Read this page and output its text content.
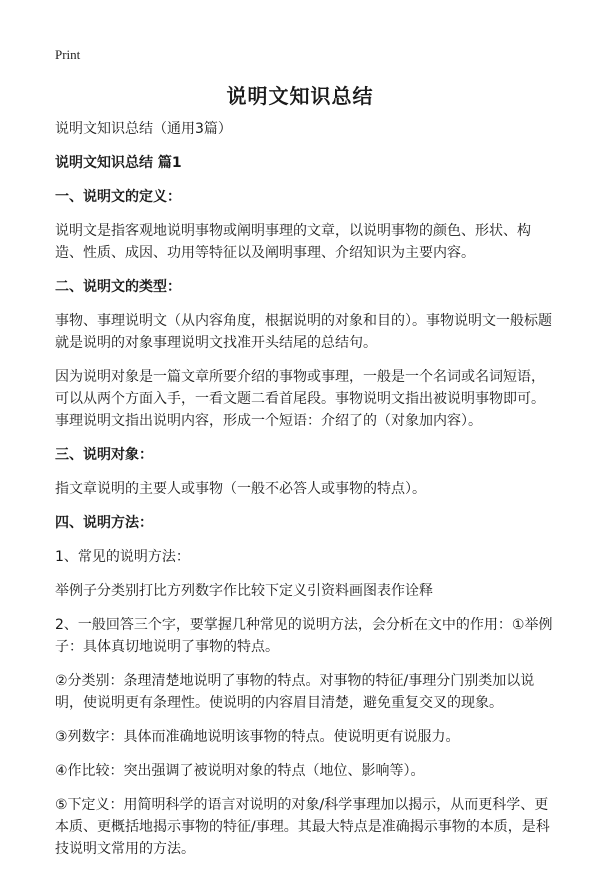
Print
说明文知识总结
说明文知识总结（通用3篇）
说明文知识总结 篇1
一、说明文的定义：
说明文是指客观地说明事物或阐明事理的文章，以说明事物的颜色、形状、构造、性质、成因、功用等特征以及阐明事理、介绍知识为主要内容。
二、说明文的类型：
事物、事理说明文（从内容角度，根据说明的对象和目的）。事物说明文一般标题就是说明的对象事理说明文找准开头结尾的总结句。
因为说明对象是一篇文章所要介绍的事物或事理，一般是一个名词或名词短语，可以从两个方面入手，一看文题二看首尾段。事物说明文指出被说明事物即可。事理说明文指出说明内容，形成一个短语：介绍了的（对象加内容）。
三、说明对象：
指文章说明的主要人或事物（一般不必答人或事物的特点）。
四、说明方法：
1、常见的说明方法：
举例子分类别打比方列数字作比较下定义引资料画图表作诠释
2、一般回答三个字，要掌握几种常见的说明方法，会分析在文中的作用：①举例子：具体真切地说明了事物的特点。
②分类别：条理清楚地说明了事物的特点。对事物的特征/事理分门别类加以说明，使说明更有条理性。使说明的内容眉目清楚，避免重复交叉的现象。
③列数字：具体而准确地说明该事物的特点。使说明更有说服力。
④作比较：突出强调了被说明对象的特点（地位、影响等）。
⑤下定义：用简明科学的语言对说明的对象/科学事理加以揭示，从而更科学、更本质、更概括地揭示事物的特征/事理。其最大特点是准确揭示事物的本质，是科技说明文常用的方法。
